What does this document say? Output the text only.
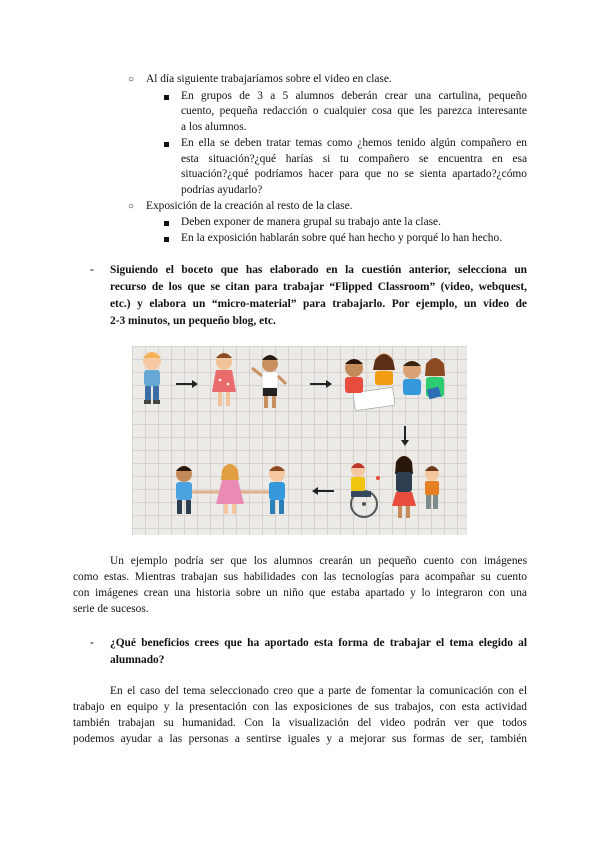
○ Al día siguiente trabajaríamos sobre el video en clase.
En grupos de 3 a 5 alumnos deberán crear una cartulina, pequeño
cuento, pequeña redacción o cualquier cosa que les parezca interesante
a los alumnos.
En ella se deben tratar temas como ¿hemos tenido algún compañero en
esta situación?¿qué harías si tu compañero se encuentra en esa
situación?¿qué podríamos hacer para que no se sienta apartado?¿cómo
podrías ayudarlo?
○ Exposición de la creación al resto de la clase.
Deben exponer de manera grupal su trabajo ante la clase.
En la exposición hablarán sobre qué han hecho y porqué lo han hecho.
- Siguiendo el boceto que has elaborado en la cuestión anterior, selecciona un
recurso de los que se citan para trabajar “Flipped Classroom” (video, webquest,
etc.) y elabora un “micro-material” para trabajarlo. Por ejemplo, un video de
2-3 minutos, un pequeño blog, etc.
Un ejemplo podría ser que los alumnos crearán un pequeño cuento con imágenes
como estas. Mientras trabajan sus habilidades con las tecnologías para acompañar su cuento
con imágenes crean una historia sobre un niño que estaba apartado y lo integraron con una
serie de sucesos.
- ¿Qué beneficios crees que ha aportado esta forma de trabajar el tema elegido al
alumnado?
En el caso del tema seleccionado creo que a parte de fomentar la comunicación con el
trabajo en equipo y la presentación con las exposiciones de sus trabajos, con esta actividad
también trabajan su humanidad. Con la visualización del video podrán ver que todos
podemos ayudar a las personas a sentirse iguales y a mejorar sus formas de ser, también
